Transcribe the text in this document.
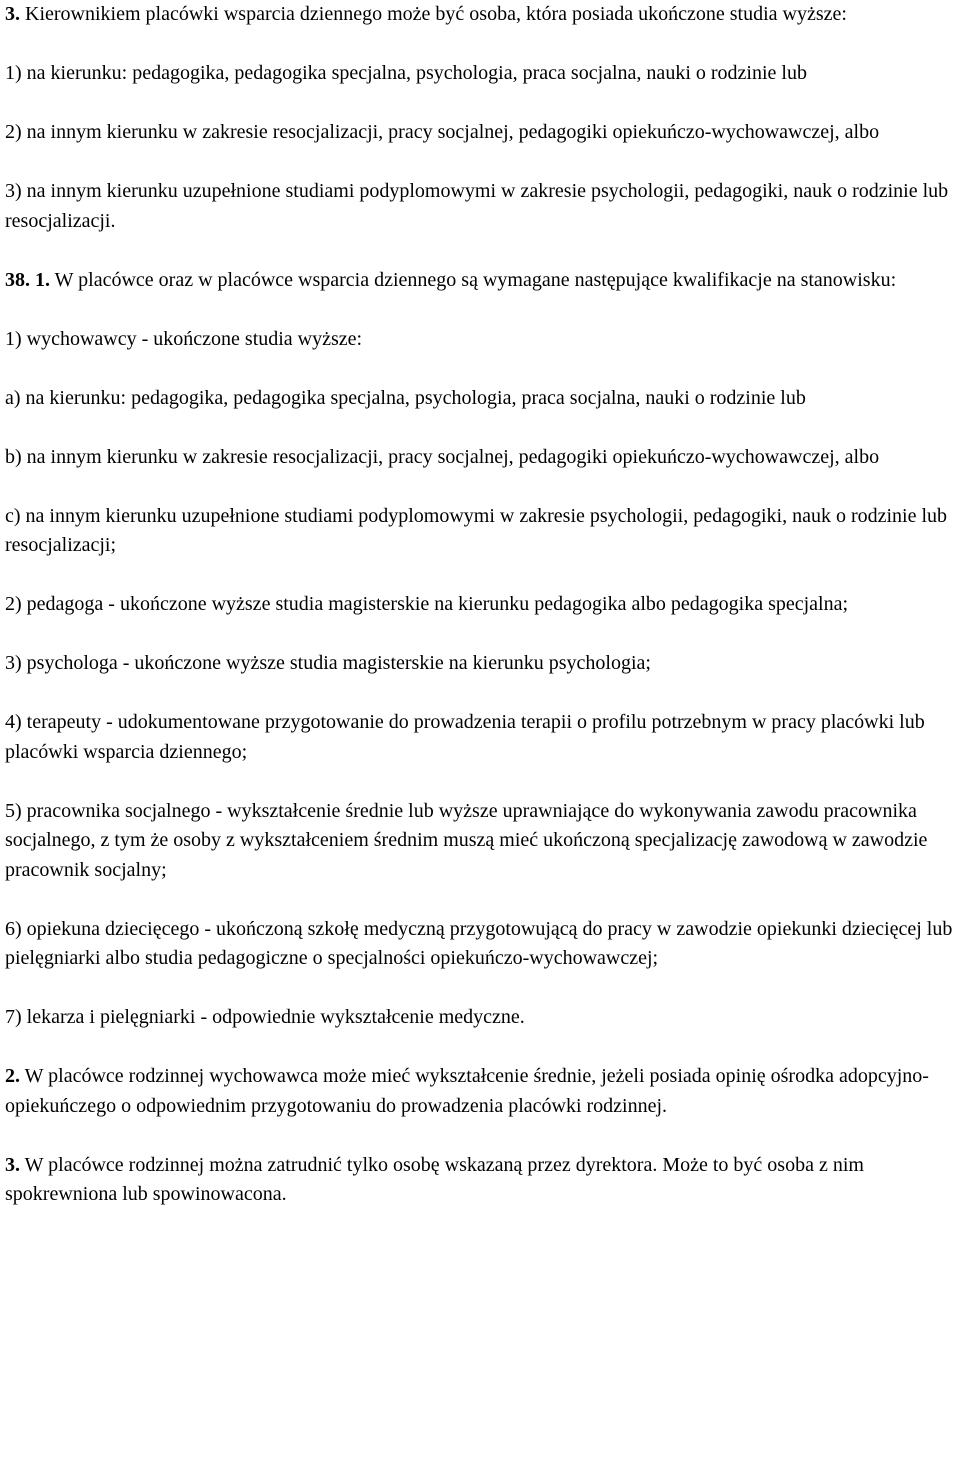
3. Kierownikiem placówki wsparcia dziennego może być osoba, która posiada ukończone studia wyższe:

1) na kierunku: pedagogika, pedagogika specjalna, psychologia, praca socjalna, nauki o rodzinie lub

2) na innym kierunku w zakresie resocjalizacji, pracy socjalnej, pedagogiki opiekuńczo-wychowawczej, albo

3) na innym kierunku uzupełnione studiami podyplomowymi w zakresie psychologii, pedagogiki, nauk o rodzinie lub resocjalizacji.

38. 1. W placówce oraz w placówce wsparcia dziennego są wymagane następujące kwalifikacje na stanowisku:

1) wychowawcy - ukończone studia wyższe:

a) na kierunku: pedagogika, pedagogika specjalna, psychologia, praca socjalna, nauki o rodzinie lub

b) na innym kierunku w zakresie resocjalizacji, pracy socjalnej, pedagogiki opiekuńczo-wychowawczej, albo

c) na innym kierunku uzupełnione studiami podyplomowymi w zakresie psychologii, pedagogiki, nauk o rodzinie lub resocjalizacji;

2) pedagoga - ukończone wyższe studia magisterskie na kierunku pedagogika albo pedagogika specjalna;

3) psychologa - ukończone wyższe studia magisterskie na kierunku psychologia;

4) terapeuty - udokumentowane przygotowanie do prowadzenia terapii o profilu potrzebnym w pracy placówki lub placówki wsparcia dziennego;

5) pracownika socjalnego - wykształcenie średnie lub wyższe uprawniające do wykonywania zawodu pracownika socjalnego, z tym że osoby z wykształceniem średnim muszą mieć ukończoną specjalizację zawodową w zawodzie pracownik socjalny;

6) opiekuna dziecięcego - ukończoną szkołę medyczną przygotowującą do pracy w zawodzie opiekunki dziecięcej lub pielęgniarki albo studia pedagogiczne o specjalności opiekuńczo-wychowawczej;

7) lekarza i pielęgniarki - odpowiednie wykształcenie medyczne.

2. W placówce rodzinnej wychowawca może mieć wykształcenie średnie, jeżeli posiada opinię ośrodka adopcyjno-opiekuńczego o odpowiednim przygotowaniu do prowadzenia placówki rodzinnej.

3. W placówce rodzinnej można zatrudnić tylko osobę wskazaną przez dyrektora. Może to być osoba z nim spokrewniona lub spowinowacona.
